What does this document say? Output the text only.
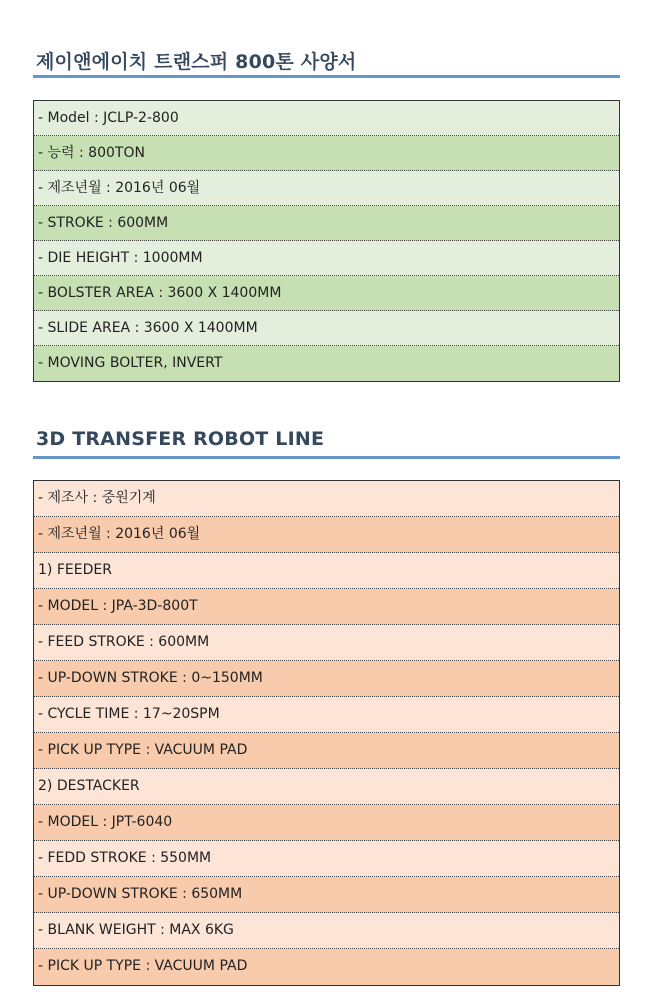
제이앤에이치 트랜스퍼 800톤 사양서
- Model : JCLP-2-800
- 능력 : 800TON
- 제조년월 : 2016년 06월
- STROKE : 600MM
- DIE HEIGHT : 1000MM
- BOLSTER AREA : 3600 X 1400MM
- SLIDE AREA : 3600 X 1400MM
- MOVING BOLTER, INVERT
3D TRANSFER ROBOT LINE
- 제조사 : 중원기계
- 제조년월 : 2016년 06월
1) FEEDER
- MODEL : JPA-3D-800T
- FEED STROKE : 600MM
- UP-DOWN STROKE : 0~150MM
- CYCLE TIME : 17~20SPM
- PICK UP TYPE : VACUUM PAD
2) DESTACKER
- MODEL : JPT-6040
- FEDD STROKE : 550MM
- UP-DOWN STROKE : 650MM
- BLANK WEIGHT : MAX 6KG
- PICK UP TYPE : VACUUM PAD
